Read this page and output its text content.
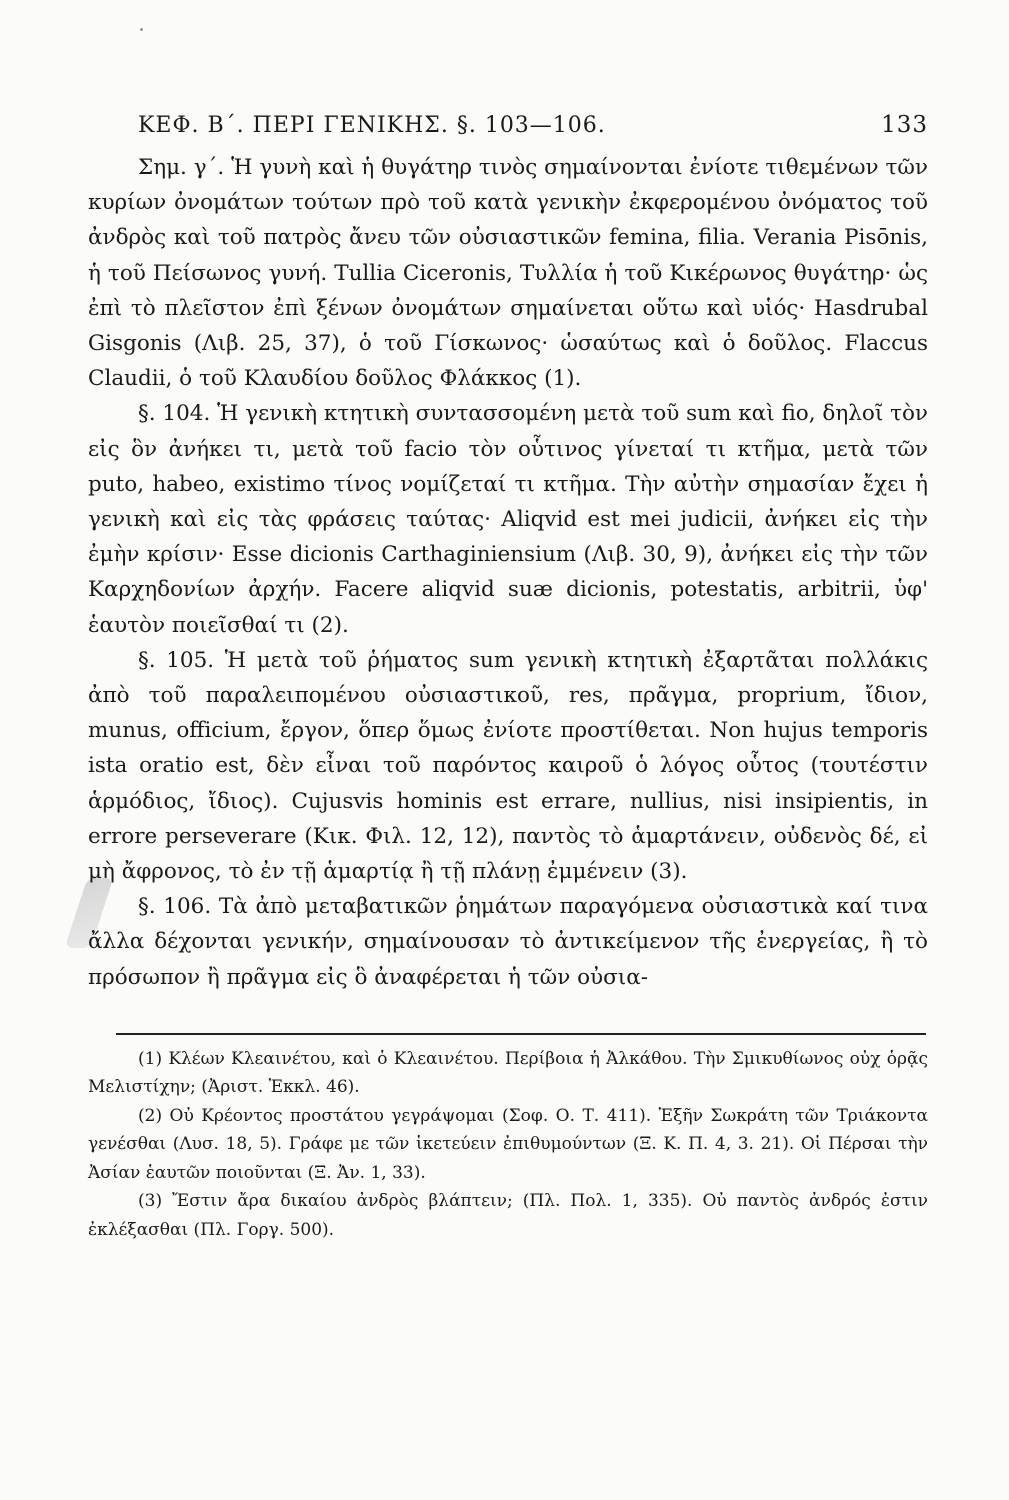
ΚΕΦ. Β΄. ΠΕΡΙ ΓΕΝΙΚΗΣ. §. 103—106.	133

Σημ. γ΄. Ἡ γυνὴ καὶ ἡ θυγάτηρ τινὸς σημαίνονται ἐνίοτε τιθεμένων τῶν κυρίων ὀνομάτων τούτων πρὸ τοῦ κατὰ γενικὴν ἐκφερομένου ὀνόματος τοῦ ἀνδρὸς καὶ τοῦ πατρὸς ἄνευ τῶν οὐσιαστικῶν femina, filia. Verania Pisōnis, ἡ τοῦ Πείσωνος γυνή. Tullia Ciceronis, Τυλλία ἡ τοῦ Κικέρωνος θυγάτηρ· ὡς ἐπὶ τὸ πλεῖστον ἐπὶ ξένων ὀνομάτων σημαίνεται οὕτω καὶ υἱός· Hasdrubal Gisgonis (Λιβ. 25, 37), ὁ τοῦ Γίσκωνος· ὡσαύτως καὶ ὁ δοῦλος. Flaccus Claudii, ὁ τοῦ Κλαυδίου δοῦλος Φλάκκος (1).

§. 104. Ἡ γενικὴ κτητικὴ συντασσομένη μετὰ τοῦ sum καὶ fio, δηλοῖ τὸν εἰς ὃν ἀνήκει τι, μετὰ τοῦ facio τὸν οὗτινος γίνεταί τι κτῆμα, μετὰ τῶν puto, habeo, existimo τίνος νομίζεταί τι κτῆμα. Τὴν αὐτὴν σημασίαν ἔχει ἡ γενικὴ καὶ εἰς τὰς φράσεις ταύτας· Aliqvid est mei judicii, ἀνήκει εἰς τὴν ἐμὴν κρίσιν· Esse dicionis Carthaginiensium (Λιβ. 30, 9), ἀνήκει εἰς τὴν τῶν Καρχηδονίων ἀρχήν. Facere aliqvid suæ dicionis, potestatis, arbitrii, ὑφ' ἑαυτὸν ποιεῖσθαί τι (2).

§. 105. Ἡ μετὰ τοῦ ῥήματος sum γενικὴ κτητικὴ ἐξαρτᾶται πολλάκις ἀπὸ τοῦ παραλειπομένου οὐσιαστικοῦ, res, πρᾶγμα, proprium, ἴδιον, munus, officium, ἔργον, ὅπερ ὅμως ἐνίοτε προστίθεται. Non hujus temporis ista oratio est, δὲν εἶναι τοῦ παρόντος καιροῦ ὁ λόγος οὗτος (τουτέστιν ἁρμόδιος, ἴδιος). Cujusvis hominis est errare, nullius, nisi insipientis, in errore perseverare (Κικ. Φιλ. 12, 12), παντὸς τὸ ἁμαρτάνειν, οὐδενὸς δέ, εἰ μὴ ἄφρονος, τὸ ἐν τῇ ἁμαρτίᾳ ἢ τῇ πλάνῃ ἐμμένειν (3).

§. 106. Τὰ ἀπὸ μεταβατικῶν ῥημάτων παραγόμενα οὐσιαστικὰ καί τινα ἄλλα δέχονται γενικήν, σημαίνουσαν τὸ ἀντικείμενον τῆς ἐνεργείας, ἢ τὸ πρόσωπον ἢ πρᾶγμα εἰς ὃ ἀναφέρεται ἡ τῶν οὐσια-

(1) Κλέων Κλεαινέτου, καὶ ὁ Κλεαινέτου. Περίβοια ἡ Ἀλκάθου. Τὴν Σμικυθίωνος οὐχ ὁρᾷς Μελιστίχην; (Ἀριστ. Ἐκκλ. 46).

(2) Οὐ Κρέοντος προστάτου γεγράψομαι (Σοφ. Ο. Τ. 411). Ἐξῆν Σωκράτη τῶν Τριάκοντα γενέσθαι (Λυσ. 18, 5). Γράφε με τῶν ἱκετεύειν ἐπιθυμούντων (Ξ. Κ. Π. 4, 3. 21). Οἱ Πέρσαι τὴν Ἀσίαν ἑαυτῶν ποιοῦνται (Ξ. Ἀν. 1, 33).

(3) Ἔστιν ἄρα δικαίου ἀνδρὸς βλάπτειν; (Πλ. Πολ. 1, 335). Οὐ παντὸς ἀνδρός ἐστιν ἐκλέξασθαι (Πλ. Γοργ. 500).
